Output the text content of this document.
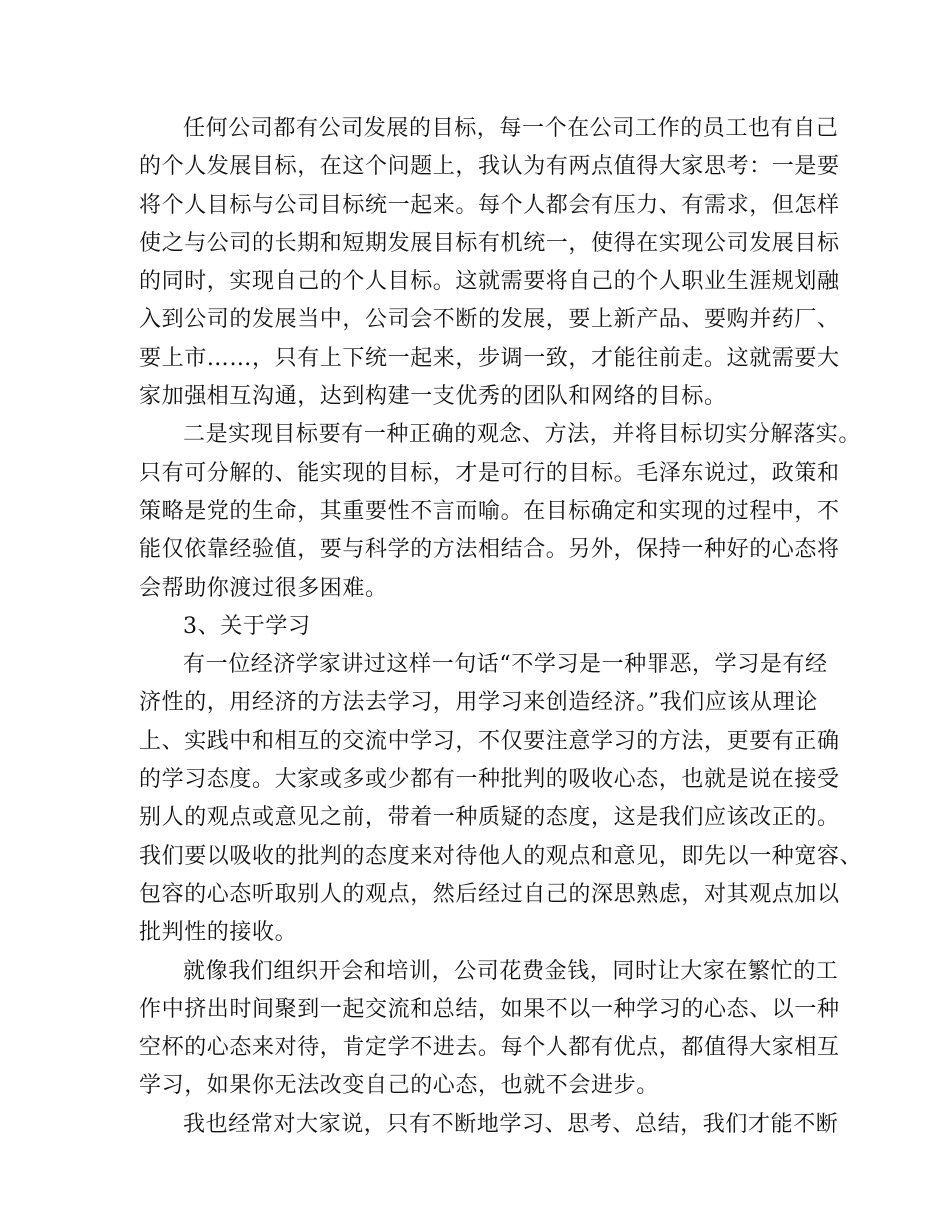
任何公司都有公司发展的目标，每一个在公司工作的员工也有自己
的个人发展目标，在这个问题上，我认为有两点值得大家思考：一是要
将个人目标与公司目标统一起来。每个人都会有压力、有需求，但怎样
使之与公司的长期和短期发展目标有机统一，使得在实现公司发展目标
的同时，实现自己的个人目标。这就需要将自己的个人职业生涯规划融
入到公司的发展当中，公司会不断的发展，要上新产品、要购并药厂、
要上市……，只有上下统一起来，步调一致，才能往前走。这就需要大
家加强相互沟通，达到构建一支优秀的团队和网络的目标。
二是实现目标要有一种正确的观念、方法，并将目标切实分解落实。
只有可分解的、能实现的目标，才是可行的目标。毛泽东说过，政策和
策略是党的生命，其重要性不言而喻。在目标确定和实现的过程中，不
能仅依靠经验值，要与科学的方法相结合。另外，保持一种好的心态将
会帮助你渡过很多困难。
3、关于学习
有一位经济学家讲过这样一句话“不学习是一种罪恶，学习是有经
济性的，用经济的方法去学习，用学习来创造经济。”我们应该从理论
上、实践中和相互的交流中学习，不仅要注意学习的方法，更要有正确
的学习态度。大家或多或少都有一种批判的吸收心态，也就是说在接受
别人的观点或意见之前，带着一种质疑的态度，这是我们应该改正的。
我们要以吸收的批判的态度来对待他人的观点和意见，即先以一种宽容、
包容的心态听取别人的观点，然后经过自己的深思熟虑，对其观点加以
批判性的接收。
就像我们组织开会和培训，公司花费金钱，同时让大家在繁忙的工
作中挤出时间聚到一起交流和总结，如果不以一种学习的心态、以一种
空杯的心态来对待，肯定学不进去。每个人都有优点，都值得大家相互
学习，如果你无法改变自己的心态，也就不会进步。
我也经常对大家说，只有不断地学习、思考、总结，我们才能不断
